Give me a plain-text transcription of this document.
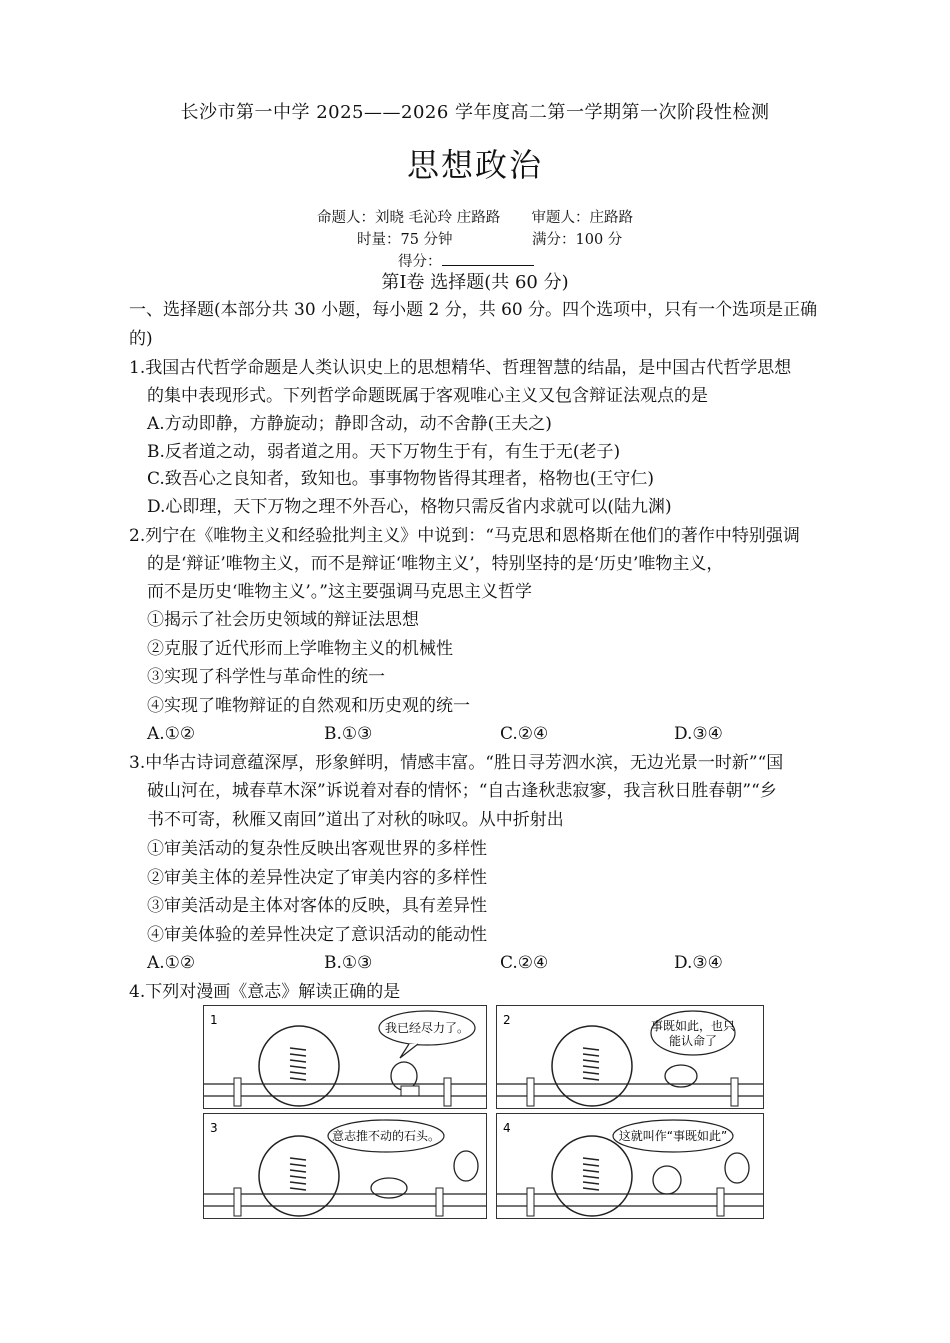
长沙市第一中学 2025——2026 学年度高二第一学期第一次阶段性检测
思想政治
命题人：刘晓 毛沁玲 庄路路 审题人：庄路路
时量：75 分钟	满分：100 分
得分：
第Ⅰ卷 选择题(共 60 分)
一、选择题(本部分共 30 小题，每小题 2 分，共 60 分。四个选项中，只有一个选项是正确
的)
1.我国古代哲学命题是人类认识史上的思想精华、哲理智慧的结晶，是中国古代哲学思想
的集中表现形式。下列哲学命题既属于客观唯心主义又包含辩证法观点的是
A.方动即静，方静旋动；静即含动，动不舍静(王夫之)
B.反者道之动，弱者道之用。天下万物生于有，有生于无(老子)
C.致吾心之良知者，致知也。事事物物皆得其理者，格物也(王守仁)
D.心即理，天下万物之理不外吾心，格物只需反省内求就可以(陆九渊)
2.列宁在《唯物主义和经验批判主义》中说到：“马克思和恩格斯在他们的著作中特别强调
的是‘辩证’唯物主义，而不是辩证‘唯物主义’，特别坚持的是‘历史’唯物主义，
而不是历史‘唯物主义’。”这主要强调马克思主义哲学
①揭示了社会历史领域的辩证法思想
②克服了近代形而上学唯物主义的机械性
③实现了科学性与革命性的统一
④实现了唯物辩证的自然观和历史观的统一
A.①②	B.①③	C.②④	D.③④
3.中华古诗词意蕴深厚，形象鲜明，情感丰富。“胜日寻芳泗水滨，无边光景一时新”“国
破山河在，城春草木深”诉说着对春的情怀；“自古逢秋悲寂寥，我言秋日胜春朝”“乡
书不可寄，秋雁又南回”道出了对秋的咏叹。从中折射出
①审美活动的复杂性反映出客观世界的多样性
②审美主体的差异性决定了审美内容的多样性
③审美活动是主体对客体的反映，具有差异性
④审美体验的差异性决定了意识活动的能动性
A.①②	B.①③	C.②④	D.③④
4.下列对漫画《意志》解读正确的是
1
我已经尽力了。
2	事既如此，也只
能认命了
3
意志推不动的石头。
4
这就叫作“事既如此”
